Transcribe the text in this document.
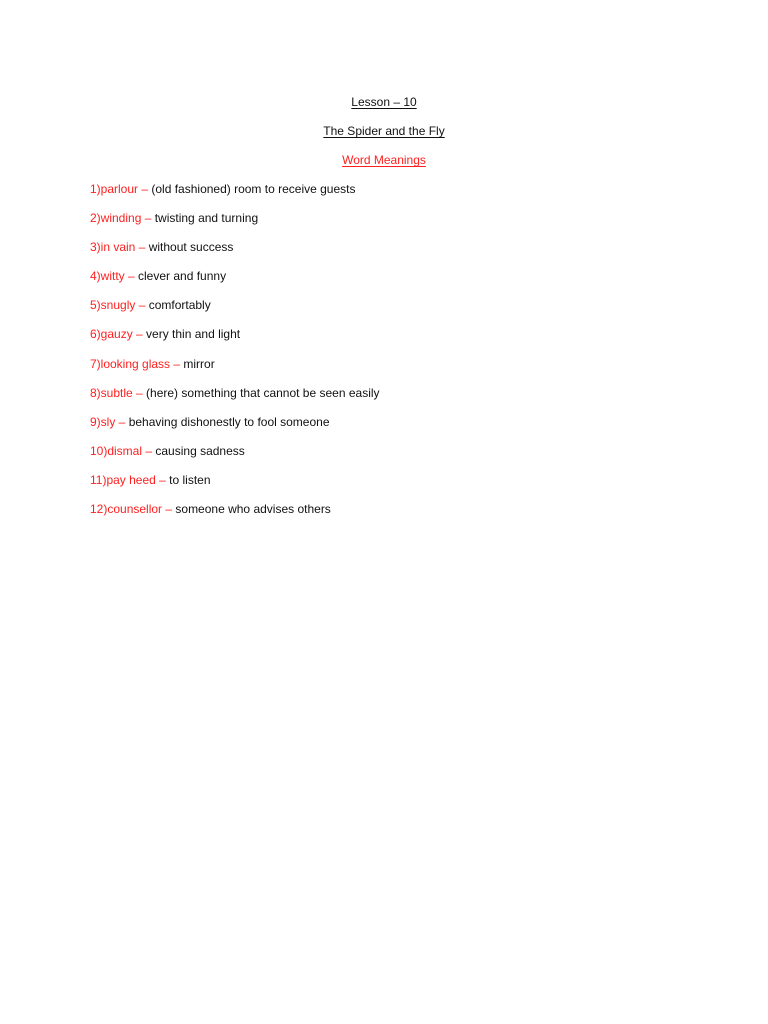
Lesson – 10
The Spider and the Fly
Word Meanings
1)parlour – (old fashioned) room to receive guests
2)winding – twisting and turning
3)in vain – without success
4)witty – clever and funny
5)snugly – comfortably
6)gauzy – very thin and light
7)looking glass – mirror
8)subtle – (here) something that cannot be seen easily
9)sly – behaving dishonestly to fool someone
10)dismal – causing sadness
11)pay heed – to listen
12)counsellor – someone who advises others
